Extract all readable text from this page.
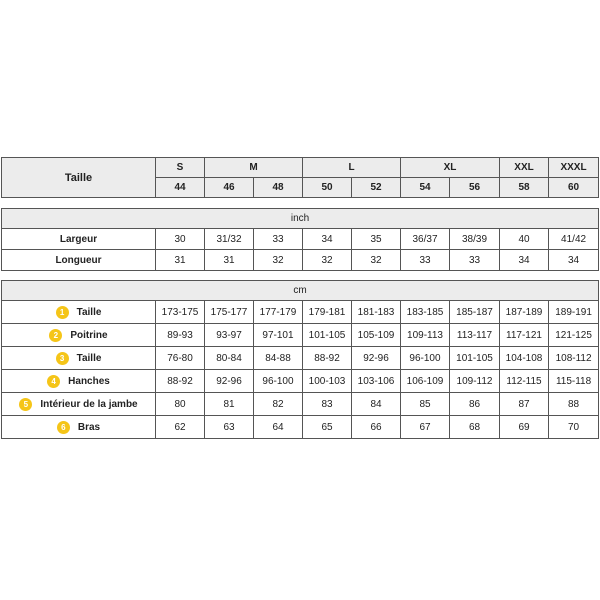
Taille	S	M		L		XL		XXL	XXXL
	44	46	48	50	52	54	56	58	60
inch									
Largeur	30	31/32	33	34	35	36/37	38/39	40	41/42
Longueur	31	31	32	32	32	33	33	34	34
cm									
1 Taille	173-175	175-177	177-179	179-181	181-183	183-185	185-187	187-189	189-191
2 Poitrine	89-93	93-97	97-101	101-105	105-109	109-113	113-117	117-121	121-125
3 Taille	76-80	80-84	84-88	88-92	92-96	96-100	101-105	104-108	108-112
4 Hanches	88-92	92-96	96-100	100-103	103-106	106-109	109-112	112-115	115-118
5 Intérieur de la jambe	80	81	82	83	84	85	86	87	88
6 Bras	62	63	64	65	66	67	68	69	70
